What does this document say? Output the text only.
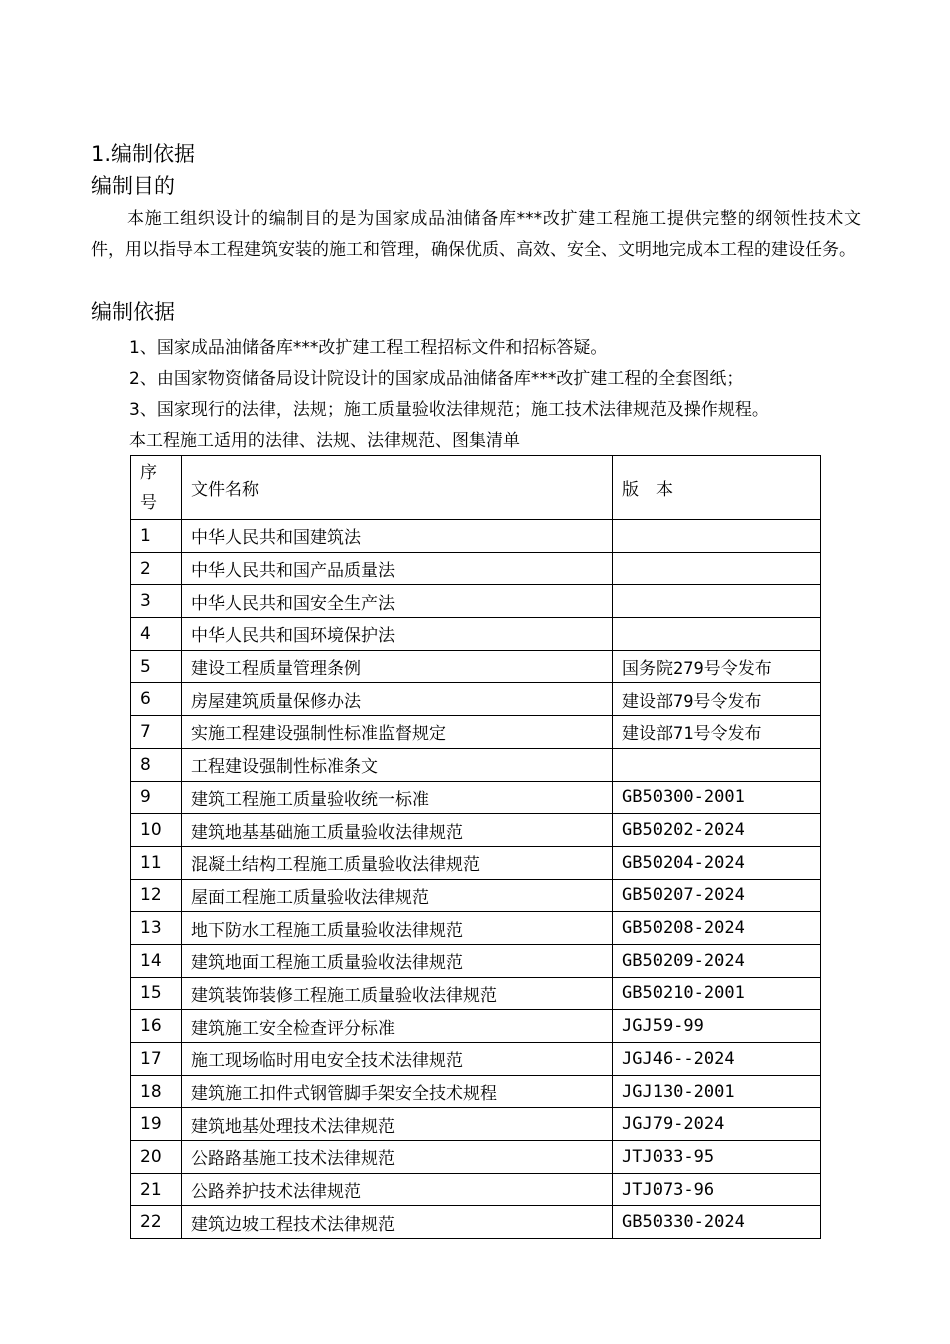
1.编制依据
编制目的
本施工组织设计的编制目的是为国家成品油储备库***改扩建工程施工提供完整的纲领性技术文件，用以指导本工程建筑安装的施工和管理，确保优质、高效、安全、文明地完成本工程的建设任务。
编制依据
1、国家成品油储备库***改扩建工程工程招标文件和招标答疑。
2、由国家物资储备局设计院设计的国家成品油储备库***改扩建工程的全套图纸；
3、国家现行的法律，法规；施工质量验收法律规范；施工技术法律规范及操作规程。
本工程施工适用的法律、法规、法律规范、图集清单
序
号	文件名称	版　本
1	中华人民共和国建筑法	
2	中华人民共和国产品质量法	
3	中华人民共和国安全生产法	
4	中华人民共和国环境保护法	
5	建设工程质量管理条例	国务院279号令发布
6	房屋建筑质量保修办法	建设部79号令发布
7	实施工程建设强制性标准监督规定	建设部71号令发布
8	工程建设强制性标准条文	
9	建筑工程施工质量验收统一标准	GB50300-2001
10	建筑地基基础施工质量验收法律规范	GB50202-2024
11	混凝土结构工程施工质量验收法律规范	GB50204-2024
12	屋面工程施工质量验收法律规范	GB50207-2024
13	地下防水工程施工质量验收法律规范	GB50208-2024
14	建筑地面工程施工质量验收法律规范	GB50209-2024
15	建筑装饰装修工程施工质量验收法律规范	GB50210-2001
16	建筑施工安全检查评分标准	JGJ59-99
17	施工现场临时用电安全技术法律规范	JGJ46--2024
18	建筑施工扣件式钢管脚手架安全技术规程	JGJ130-2001
19	建筑地基处理技术法律规范	JGJ79-2024
20	公路路基施工技术法律规范	JTJ033-95
21	公路养护技术法律规范	JTJ073-96
22	建筑边坡工程技术法律规范	GB50330-2024
